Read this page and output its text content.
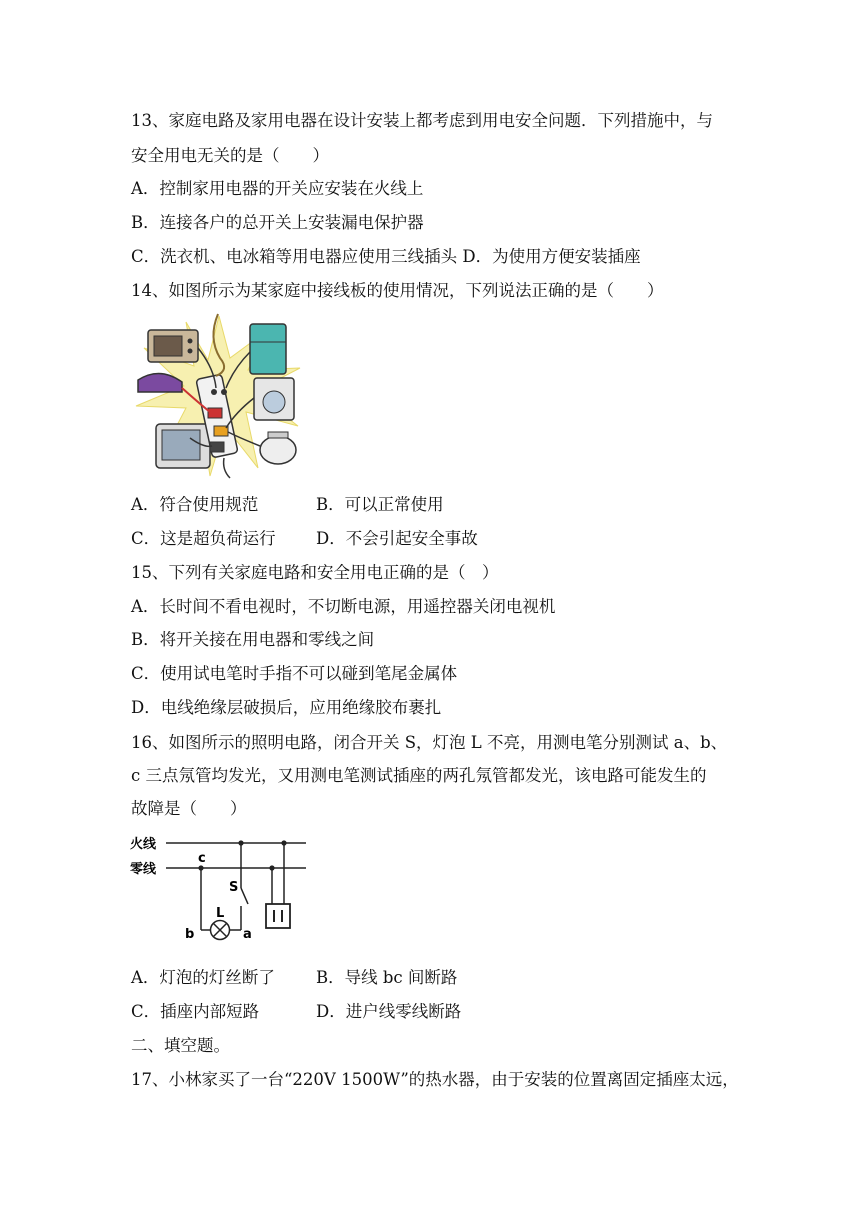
13、家庭电路及家用电器在设计安装上都考虑到用电安全问题．下列措施中，与
安全用电无关的是（　　）
A．控制家用电器的开关应安装在火线上
B．连接各户的总开关上安装漏电保护器
C．洗衣机、电冰箱等用电器应使用三线插头 D．为使用方便安装插座
14、如图所示为某家庭中接线板的使用情况，下列说法正确的是（　　）
A．符合使用规范	B．可以正常使用
C．这是超负荷运行 D．不会引起安全事故
15、下列有关家庭电路和安全用电正确的是（　）
A．长时间不看电视时，不切断电源，用遥控器关闭电视机
B．将开关接在用电器和零线之间
C．使用试电笔时手指不可以碰到笔尾金属体
D．电线绝缘层破损后，应用绝缘胶布裹扎
16、如图所示的照明电路，闭合开关 S，灯泡 L 不亮，用测电笔分别测试 a、b、
c 三点氖管均发光，又用测电笔测试插座的两孔氖管都发光，该电路可能发生的
故障是（　　）
火线
零线
c
b
L
a
S
A．灯泡的灯丝断了 B．导线 bc 间断路
C．插座内部短路	D．进户线零线断路
二、填空题。
17、小林家买了一台“220V 1500W”的热水器，由于安装的位置离固定插座太远，
